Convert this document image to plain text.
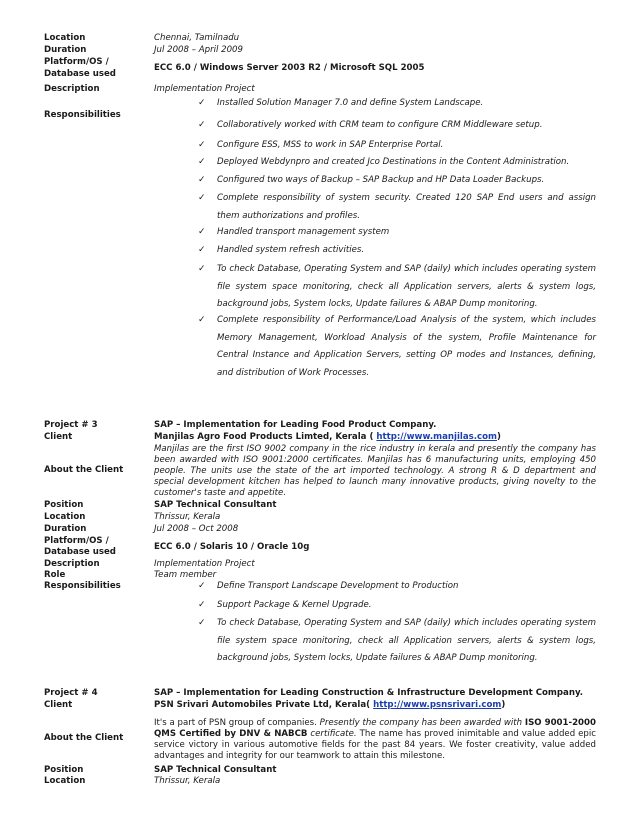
Location	Chennai, Tamilnadu
Duration	Jul 2008 – April 2009
Platform/OS /
Database used
ECC 6.0 / Windows Server 2003 R2 / Microsoft SQL 2005
Description	Implementation Project
Responsibilities
✓ Installed Solution Manager 7.0 and define System Landscape.
✓ Collaboratively worked with CRM team to configure CRM Middleware setup.
✓ Configure ESS, MSS to work in SAP Enterprise Portal.
✓ Deployed Webdynpro and created Jco Destinations in the Content Administration.
✓ Configured two ways of Backup – SAP Backup and HP Data Loader Backups.
✓ Complete responsibility of system security. Created 120 SAP End users and assign them authorizations and profiles.
✓ Handled transport management system
✓ Handled system refresh activities.
✓ To check Database, Operating System and SAP (daily) which includes operating system file system space monitoring, check all Application servers, alerts & system logs, background jobs, System locks, Update failures & ABAP Dump monitoring.
✓ Complete responsibility of Performance/Load Analysis of the system, which includes Memory Management, Workload Analysis of the system, Profile Maintenance for Central Instance and Application Servers, setting OP modes and Instances, defining, and distribution of Work Processes.
Project # 3	SAP – Implementation for Leading Food Product Company.
Client	Manjilas Agro Food Products Limted, Kerala ( http://www.manjilas.com)
About the Client
Manjilas are the first ISO 9002 company in the rice industry in kerala and presently the company has been awarded with ISO 9001:2000 certificates. Manjilas has 6 manufacturing units, employing 450 people. The units use the state of the art imported technology. A strong R & D department and special development kitchen has helped to launch many innovative products, giving novelty to the customer's taste and appetite.
Position	SAP Technical Consultant
Location	Thrissur, Kerala
Duration	Jul 2008 – Oct 2008
Platform/OS /
Database used	ECC 6.0 / Solaris 10 / Oracle 10g
Description	Implementation Project
Role	Team member
Responsibilities	✓ Define Transport Landscape Development to Production
✓ Support Package & Kernel Upgrade.
✓ To check Database, Operating System and SAP (daily) which includes operating system file system space monitoring, check all Application servers, alerts & system logs, background jobs, System locks, Update failures & ABAP Dump monitoring.
Project # 4	SAP – Implementation for Leading Construction & Infrastructure Development Company.
Client	PSN Srivari Automobiles Private Ltd, Kerala( http://www.psnsrivari.com)
About the Client
It's a part of PSN group of companies. Presently the company has been awarded with ISO 9001-2000 QMS Certified by DNV & NABCB certificate. The name has proved inimitable and value added epic service victory in various automotive fields for the past 84 years. We foster creativity, value added advantages and integrity for our teamwork to attain this milestone.
Position	SAP Technical Consultant
Location	Thrissur, Kerala
